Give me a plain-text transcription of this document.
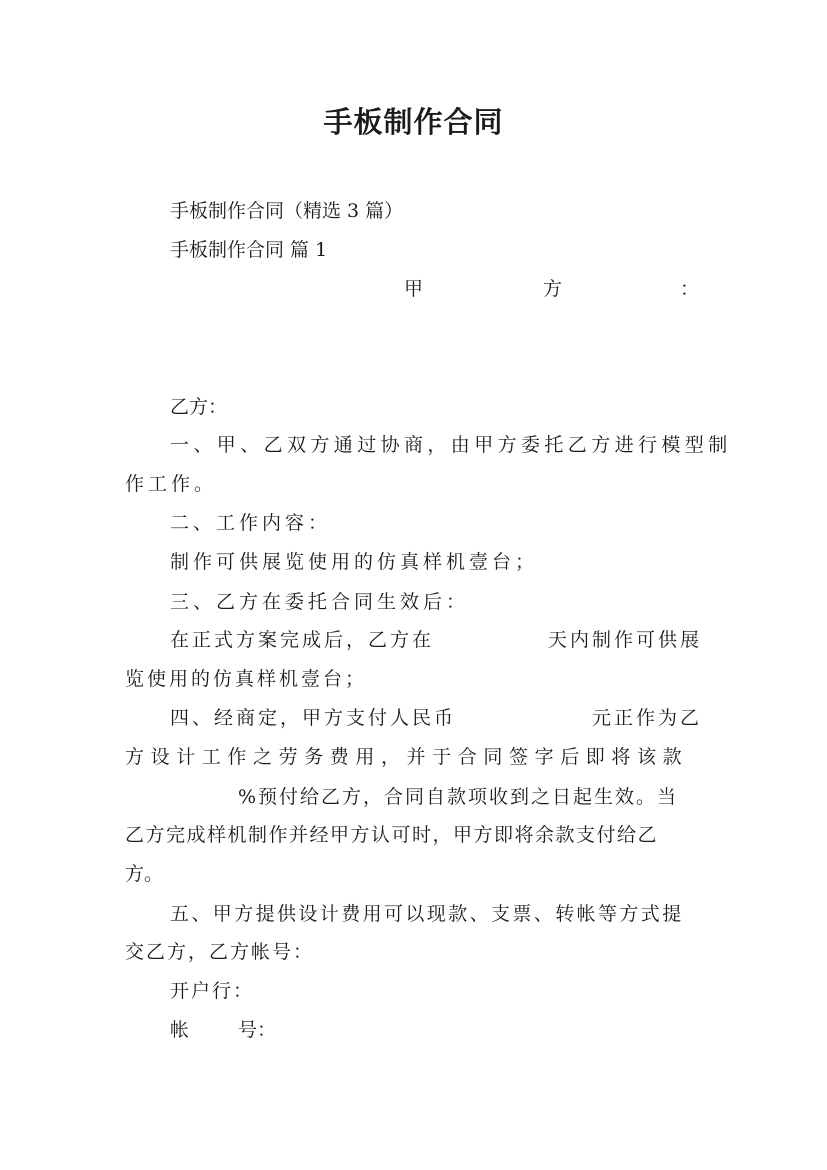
手板制作合同
手板制作合同（精选 3 篇）
手板制作合同 篇 1
甲	方	：
乙方：
一、甲、乙双方通过协商，由甲方委托乙方进行模型制
作工作。
二、工作内容：
制作可供展览使用的仿真样机壹台；
三、乙方在委托合同生效后：
在正式方案完成后，乙方在	天内制作可供展
览使用的仿真样机壹台；
四、经商定，甲方支付人民币	元正作为乙
方设计工作之劳务费用，并于合同签字后即将该款
%预付给乙方，合同自款项收到之日起生效。当
乙方完成样机制作并经甲方认可时，甲方即将余款支付给乙
方。
五、甲方提供设计费用可以现款、支票、转帐等方式提
交乙方，乙方帐号：
开户行：
帐	号：
